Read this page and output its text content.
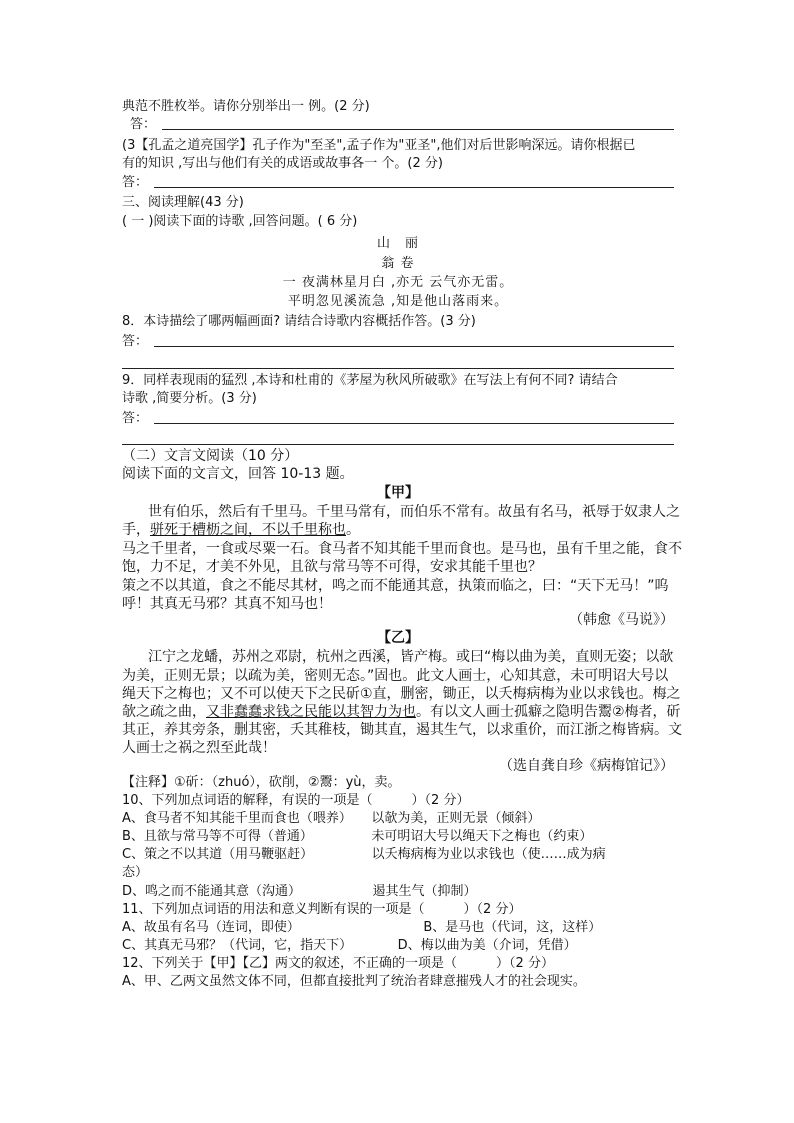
典范不胜枚举。请你分别举出一 例。(2 分)
答：
(3【孔孟之道亮国学】孔子作为"至圣",孟子作为"亚圣",他们对后世影响深远。请你根据已
有的知识 ,写出与他们有关的成语或故事各一 个。(2 分)
答：
三、阅读理解(43 分)
( 一 )阅读下面的诗歌 ,回答问题。( 6 分)
山　丽
翁 卷
一 夜满林星月白 ,亦无 云气亦无雷。
平明忽见溪流急 ,知是他山落雨来。
8．本诗描绘了哪两幅画面? 请结合诗歌内容概括作答。(3 分)
答：
9．同样表现雨的猛烈 ,本诗和杜甫的《茅屋为秋风所破歌》在写法上有何不同? 请结合
诗歌 ,简要分析。(3 分)
答：
（二）文言文阅读（10 分）
阅读下面的文言文，回答 10-13 题。
【甲】
世有伯乐，然后有千里马。千里马常有，而伯乐不常有。故虽有名马，祇辱于奴隶人之
手，骈死于槽枥之间，不以千里称也。
马之千里者，一食或尽粟一石。食马者不知其能千里而食也。是马也，虽有千里之能，食不
饱，力不足，才美不外见，且欲与常马等不可得，安求其能千里也？
策之不以其道，食之不能尽其材，鸣之而不能通其意，执策而临之，曰：“天下无马！”呜
呼！其真无马邪？其真不知马也！
（韩愈《马说》）
【乙】
江宁之龙蟠，苏州之邓尉，杭州之西溪，皆产梅。或曰“梅以曲为美，直则无姿；以欹
为美，正则无景；以疏为美，密则无态。”固也。此文人画士，心知其意，未可明诏大号以
绳天下之梅也；又不可以使天下之民斫①直，删密，锄正，以夭梅病梅为业以求钱也。梅之
欹之疏之曲，又非蠢蠢求钱之民能以其智力为也。有以文人画士孤癖之隐明告鬻②梅者，斫
其正，养其旁条，删其密，夭其稚枝，锄其直，遏其生气，以求重价，而江浙之梅皆病。文
人画士之祸之烈至此哉！
（选自龚自珍《病梅馆记》）
【注释】①斫：（zhuó），砍削，②鬻：yù，卖。
10、下列加点词语的解释，有误的一项是（　　　）（2 分）
A、食马者不知其能千里而食也（喂养）　　以欹为美，正则无景（倾斜）
B、且欲与常马等不可得（普通）　　　　　未可明诏大号以绳天下之梅也（约束）
C、策之不以其道（用马鞭驱赶）　　　　　以夭梅病梅为业以求钱也（使……成为病
态）
D、鸣之而不能通其意（沟通）　　　　　　遏其生气（抑制）
11、下列加点词语的用法和意义判断有误的一项是（　　　）（2 分）
A、故虽有名马（连词，即使）　　　　　　　　　　B、是马也（代词，这，这样）
C、其真无马邪？（代词，它，指天下）　　　　D、梅以曲为美（介词，凭借）
12、下列关于【甲】【乙】两文的叙述，不正确的一项是（　　　）（2 分）
A、甲、乙两文虽然文体不同，但都直接批判了统治者肆意摧残人才的社会现实。
